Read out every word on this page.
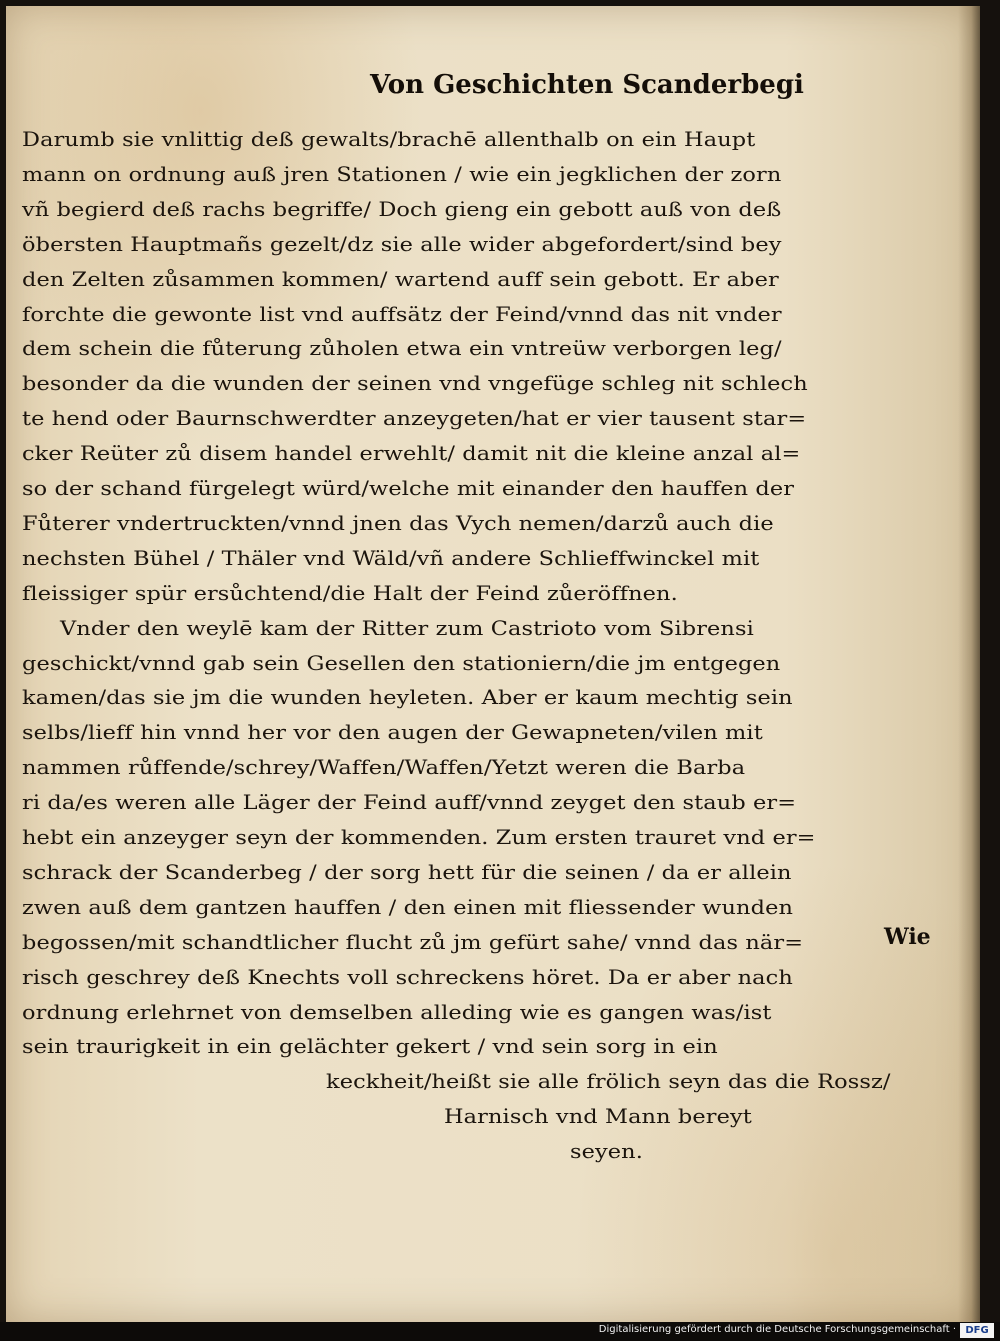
Von Geschichten Scanderbegi
Darumb sie vnlittig deß gewalts/brachē allenthalb on ein Haupt
mann on ordnung auß jren Stationen / wie ein jegklichen der zorn
vñ begierd deß rachs begriffe/ Doch gieng ein gebott auß von deß
öbersten Hauptmañs gezelt/dz sie alle wider abgefordert/sind bey
den Zelten zůsammen kommen/ wartend auff sein gebott. Er aber
forchte die gewonte list vnd auffsätz der Feind/vnnd das nit vnder
dem schein die fůterung zůholen etwa ein vntreüw verborgen leg/
besonder da die wunden der seinen vnd vngefüge schleg nit schlech
te hend oder Baurnschwerdter anzeygeten/hat er vier tausent star=
cker Reüter zů disem handel erwehlt/ damit nit die kleine anzal al=
so der schand fürgelegt würd/welche mit einander den hauffen der
Fůterer vndertruckten/vnnd jnen das Vych nemen/darzů auch die
nechsten Bühel / Thäler vnd Wäld/vñ andere Schlieffwinckel mit
fleissiger spür ersůchtend/die Halt der Feind zůeröffnen.
Vnder den weylē kam der Ritter zum Castrioto vom Sibrensi
geschickt/vnnd gab sein Gesellen den stationiern/die jm entgegen
kamen/das sie jm die wunden heyleten. Aber er kaum mechtig sein
selbs/lieff hin vnnd her vor den augen der Gewapneten/vilen mit
nammen růffende/schrey/Waffen/Waffen/Yetzt weren die Barba
ri da/es weren alle Läger der Feind auff/vnnd zeyget den staub er=
hebt ein anzeyger seyn der kommenden. Zum ersten trauret vnd er=
schrack der Scanderbeg / der sorg hett für die seinen / da er allein
zwen auß dem gantzen hauffen / den einen mit fliessender wunden
begossen/mit schandtlicher flucht zů jm gefürt sahe/ vnnd das när=
risch geschrey deß Knechts voll schreckens höret. Da er aber nach
ordnung erlehrnet von demselben alleding wie es gangen was/ist
sein traurigkeit in ein gelächter gekert / vnd sein sorg in ein
keckheit/heißt sie alle frölich seyn das die Rossz/
Harnisch vnd Mann bereyt
seyen.
Wie
Digitalisierung gefördert durch die Deutsche Forschungsgemeinschaft · DFG
